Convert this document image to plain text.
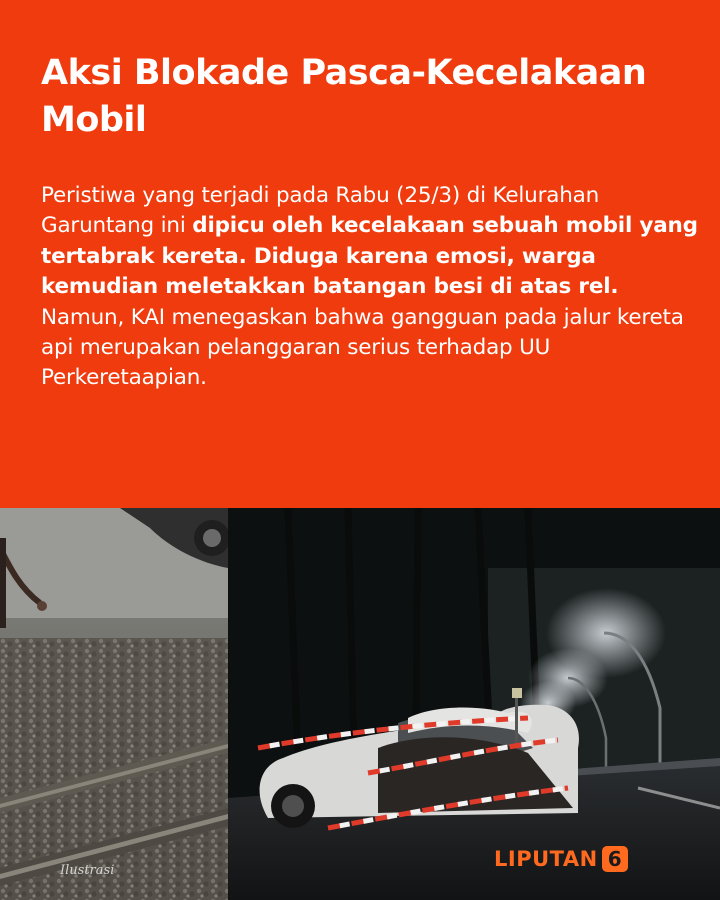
Aksi Blokade Pasca-Kecelakaan
Mobil

Peristiwa yang terjadi pada Rabu (25/3) di Kelurahan Garuntang ini dipicu oleh kecelakaan sebuah mobil yang tertabrak kereta. Diduga karena emosi, warga kemudian meletakkan batangan besi di atas rel. Namun, KAI menegaskan bahwa gangguan pada jalur kereta api merupakan pelanggaran serius terhadap UU Perkeretaapian.

Ilustrasi	LIPUTAN 6
